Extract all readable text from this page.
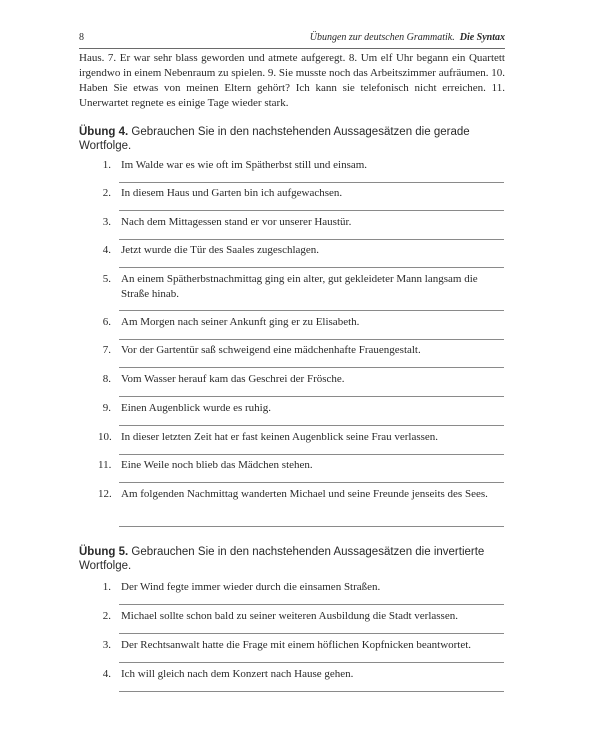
8	Übungen zur deutschen Grammatik. Die Syntax
Haus. 7. Er war sehr blass geworden und atmete aufgeregt. 8. Um elf Uhr begann ein Quartett irgendwo in einem Nebenraum zu spielen. 9. Sie musste noch das Arbeitszimmer aufräumen. 10. Haben Sie etwas von meinen Eltern gehört? Ich kann sie telefonisch nicht erreichen. 11. Unerwartet regnete es einige Tage wieder stark.
Übung 4. Gebrauchen Sie in den nachstehenden Aussagesätzen die gerade Wortfolge.
1. Im Walde war es wie oft im Spätherbst still und einsam.
2. In diesem Haus und Garten bin ich aufgewachsen.
3. Nach dem Mittagessen stand er vor unserer Haustür.
4. Jetzt wurde die Tür des Saales zugeschlagen.
5. An einem Spätherbstnachmittag ging ein alter, gut gekleideter Mann langsam die Straße hinab.
6. Am Morgen nach seiner Ankunft ging er zu Elisabeth.
7. Vor der Gartentür saß schweigend eine mädchenhafte Frauengestalt.
8. Vom Wasser herauf kam das Geschrei der Frösche.
9. Einen Augenblick wurde es ruhig.
10. In dieser letzten Zeit hat er fast keinen Augenblick seine Frau verlassen.
11. Eine Weile noch blieb das Mädchen stehen.
12. Am folgenden Nachmittag wanderten Michael und seine Freunde jenseits des Sees.
Übung 5. Gebrauchen Sie in den nachstehenden Aussagesätzen die invertierte Wortfolge.
1. Der Wind fegte immer wieder durch die einsamen Straßen.
2. Michael sollte schon bald zu seiner weiteren Ausbildung die Stadt verlassen.
3. Der Rechtsanwalt hatte die Frage mit einem höflichen Kopfnicken beantwortet.
4. Ich will gleich nach dem Konzert nach Hause gehen.
